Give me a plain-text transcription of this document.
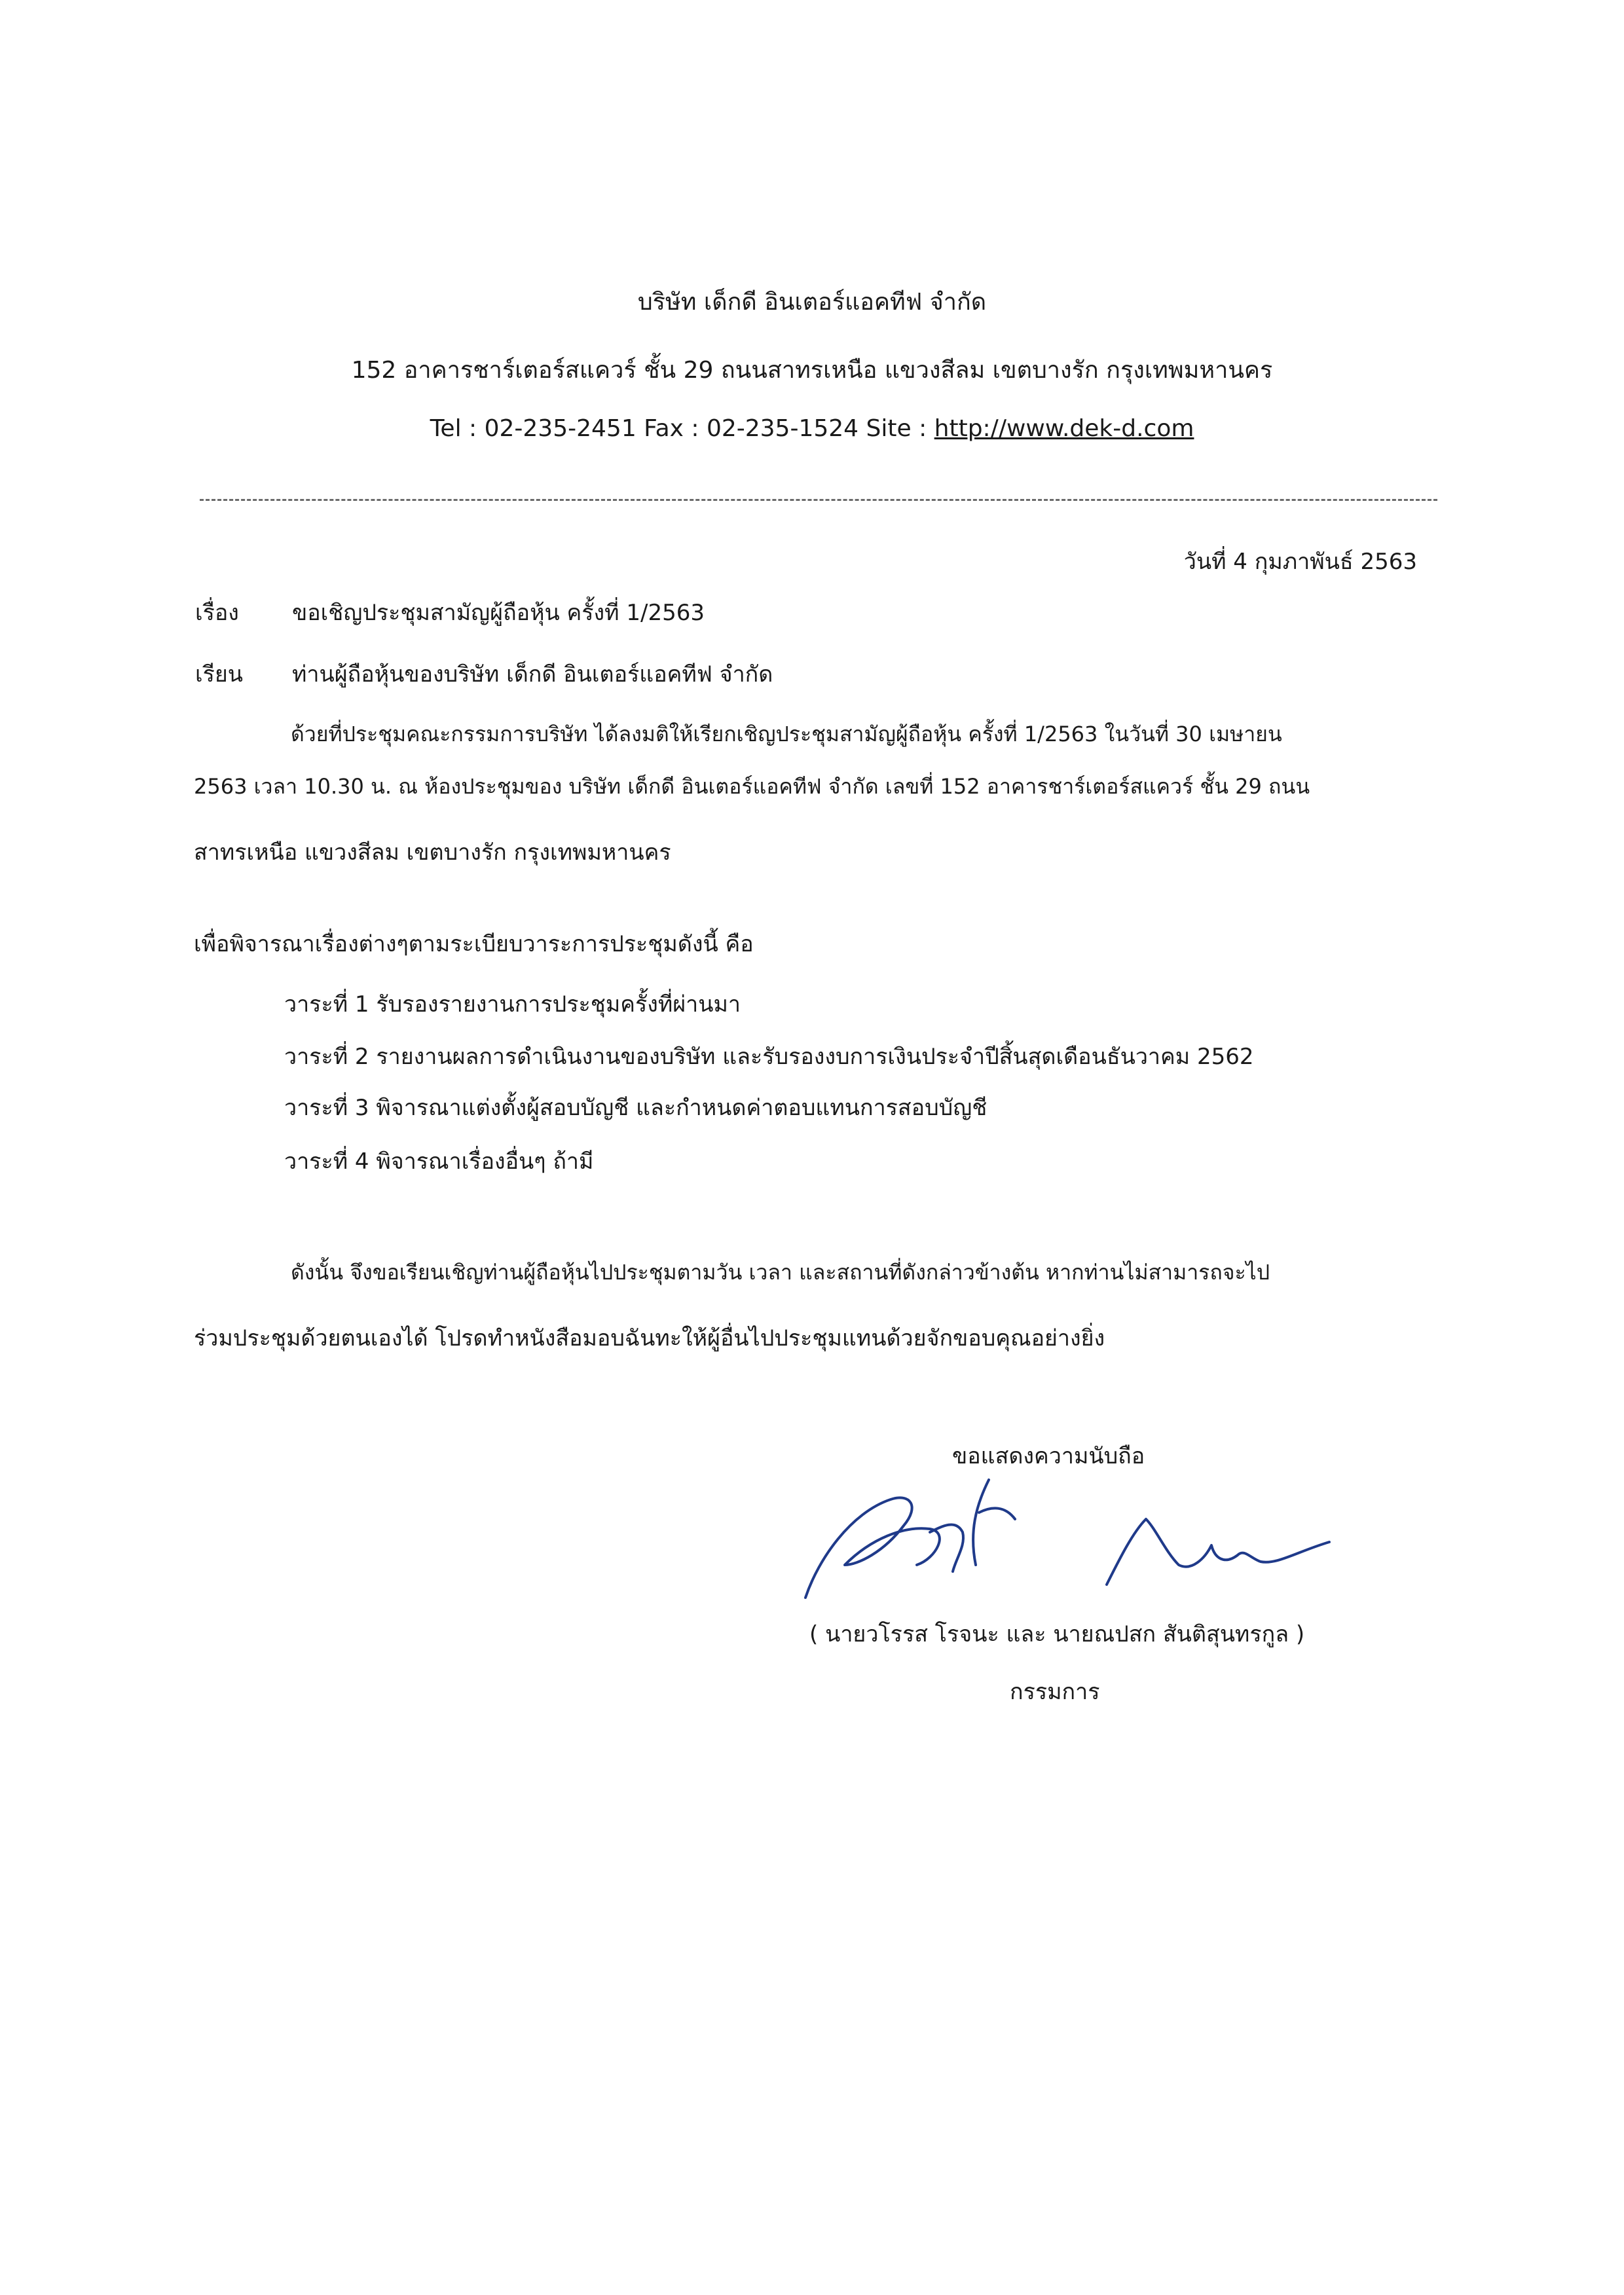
บริษัท เด็กดี อินเตอร์แอคทีฟ จำกัด
152 อาคารชาร์เตอร์สแควร์ ชั้น 29 ถนนสาทรเหนือ แขวงสีลม เขตบางรัก กรุงเทพมหานคร
Tel : 02-235-2451 Fax : 02-235-1524 Site : http://www.dek-d.com
วันที่ 4 กุมภาพันธ์ 2563
เรื่อง ขอเชิญประชุมสามัญผู้ถือหุ้น ครั้งที่ 1/2563
เรียน ท่านผู้ถือหุ้นของบริษัท เด็กดี อินเตอร์แอคทีฟ จำกัด
ด้วยที่ประชุมคณะกรรมการบริษัท ได้ลงมติให้เรียกเชิญประชุมสามัญผู้ถือหุ้น ครั้งที่ 1/2563 ในวันที่ 30 เมษายน
2563 เวลา 10.30 น. ณ ห้องประชุมของ บริษัท เด็กดี อินเตอร์แอคทีฟ จำกัด เลขที่ 152 อาคารชาร์เตอร์สแควร์ ชั้น 29 ถนน
สาทรเหนือ แขวงสีลม เขตบางรัก กรุงเทพมหานคร
เพื่อพิจารณาเรื่องต่างๆตามระเบียบวาระการประชุมดังนี้ คือ
วาระที่ 1 รับรองรายงานการประชุมครั้งที่ผ่านมา
วาระที่ 2 รายงานผลการดำเนินงานของบริษัท และรับรองงบการเงินประจำปีสิ้นสุดเดือนธันวาคม 2562
วาระที่ 3 พิจารณาแต่งตั้งผู้สอบบัญชี และกำหนดค่าตอบแทนการสอบบัญชี
วาระที่ 4 พิจารณาเรื่องอื่นๆ ถ้ามี
ดังนั้น จึงขอเรียนเชิญท่านผู้ถือหุ้นไปประชุมตามวัน เวลา และสถานที่ดังกล่าวข้างต้น หากท่านไม่สามารถจะไป
ร่วมประชุมด้วยตนเองได้ โปรดทำหนังสือมอบฉันทะให้ผู้อื่นไปประชุมแทนด้วยจักขอบคุณอย่างยิ่ง
ขอแสดงความนับถือ
( นายวโรรส โรจนะ และ นายณปสก สันติสุนทรกูล )
กรรมการ
